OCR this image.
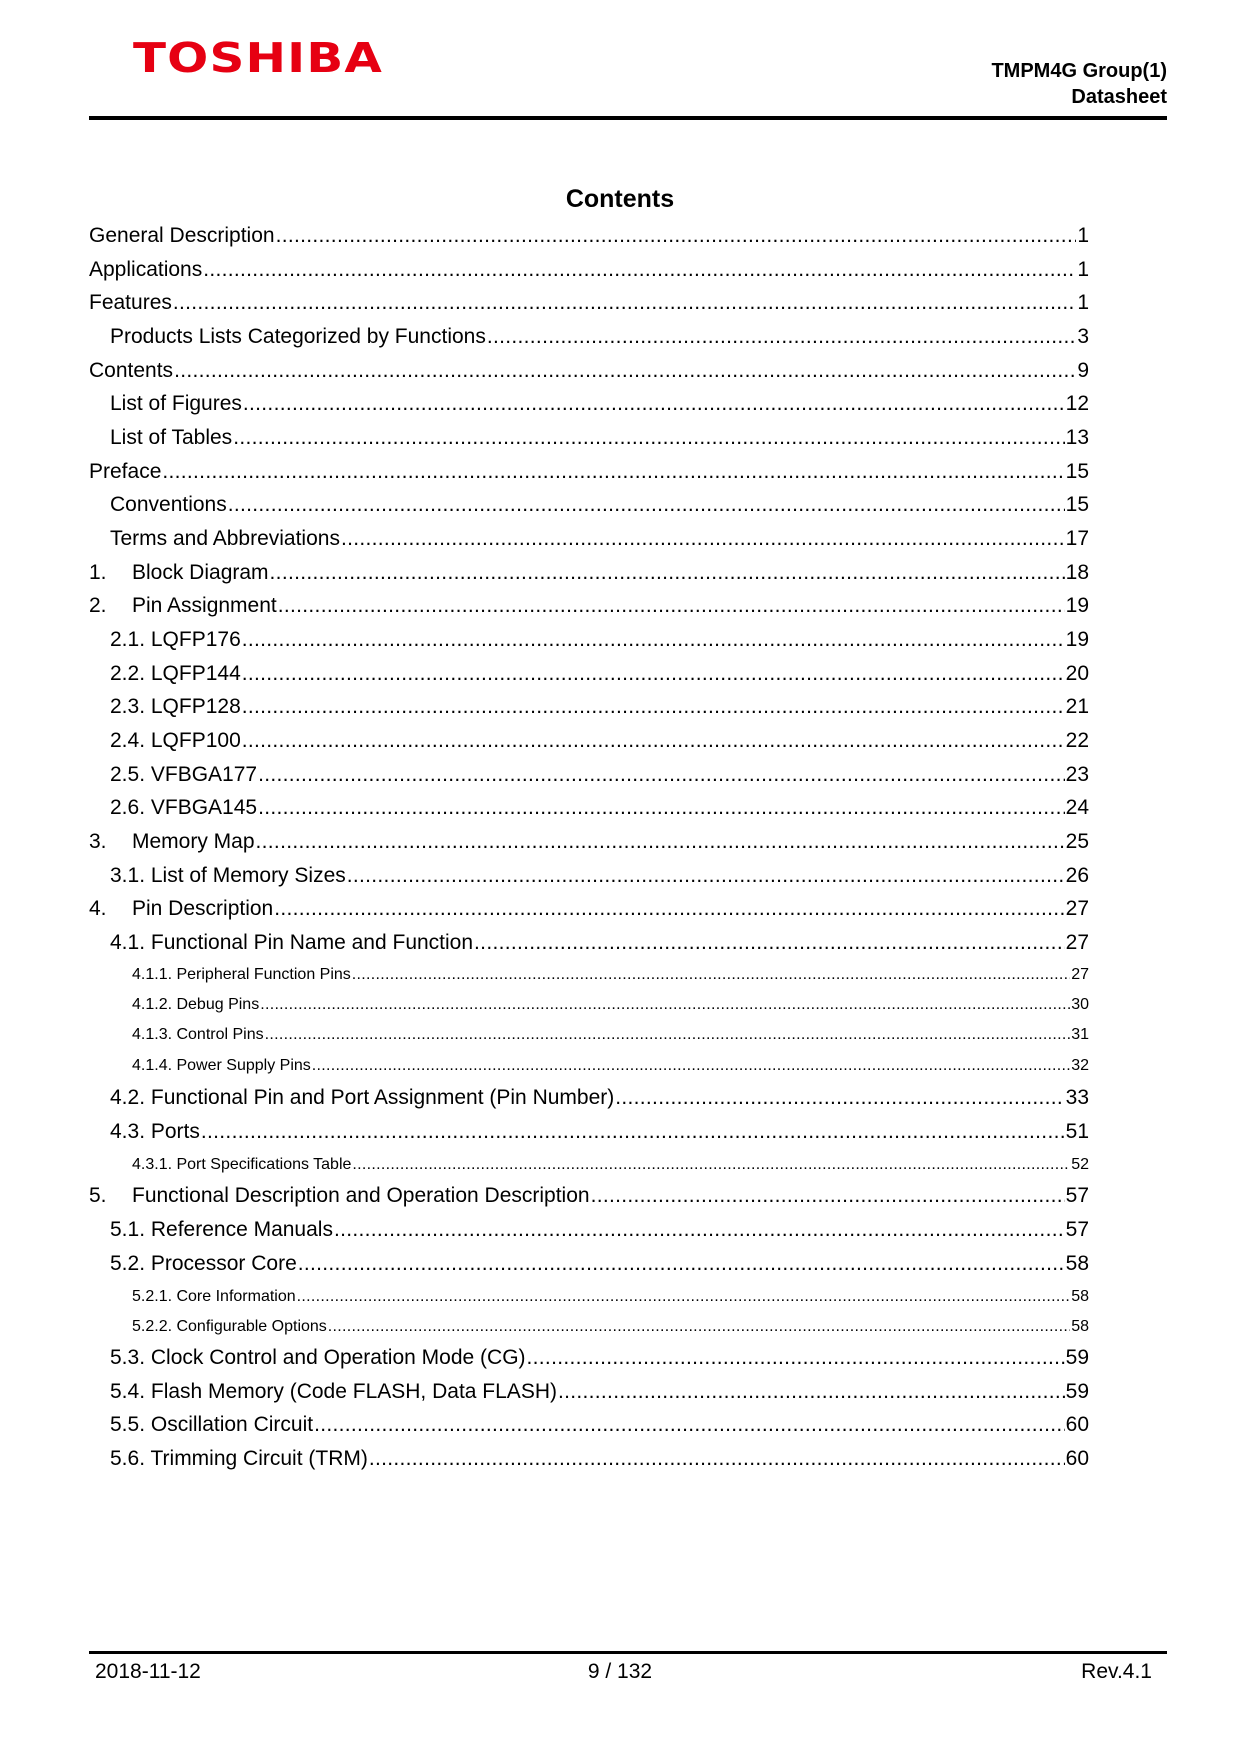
TOSHIBA	TMPM4G Group(1)
Datasheet
Contents
General Description .....	1
Applications .....	1
Features .....	1
Products Lists Categorized by Functions .....	3
Contents .....	9
List of Figures .....	12
List of Tables .....	13
Preface .....	15
Conventions .....	15
Terms and Abbreviations .....	17
1.	Block Diagram .....	18
2.	Pin Assignment .....	19
2.1. LQFP176 .....	19
2.2. LQFP144 .....	20
2.3. LQFP128 .....	21
2.4. LQFP100 .....	22
2.5. VFBGA177 .....	23
2.6. VFBGA145 .....	24
3.	Memory Map .....	25
3.1. List of Memory Sizes .....	26
4.	Pin Description .....	27
4.1. Functional Pin Name and Function .....	27
4.1.1. Peripheral Function Pins .....	27
4.1.2. Debug Pins .....	30
4.1.3. Control Pins .....	31
4.1.4. Power Supply Pins .....	32
4.2. Functional Pin and Port Assignment (Pin Number) .....	33
4.3. Ports .....	51
4.3.1. Port Specifications Table .....	52
5.	Functional Description and Operation Description .....	57
5.1. Reference Manuals .....	57
5.2. Processor Core .....	58
5.2.1. Core Information .....	58
5.2.2. Configurable Options .....	58
5.3. Clock Control and Operation Mode (CG) .....	59
5.4. Flash Memory (Code FLASH, Data FLASH) .....	59
5.5. Oscillation Circuit .....	60
5.6. Trimming Circuit (TRM) .....	60
2018-11-12	9 / 132	Rev.4.1
